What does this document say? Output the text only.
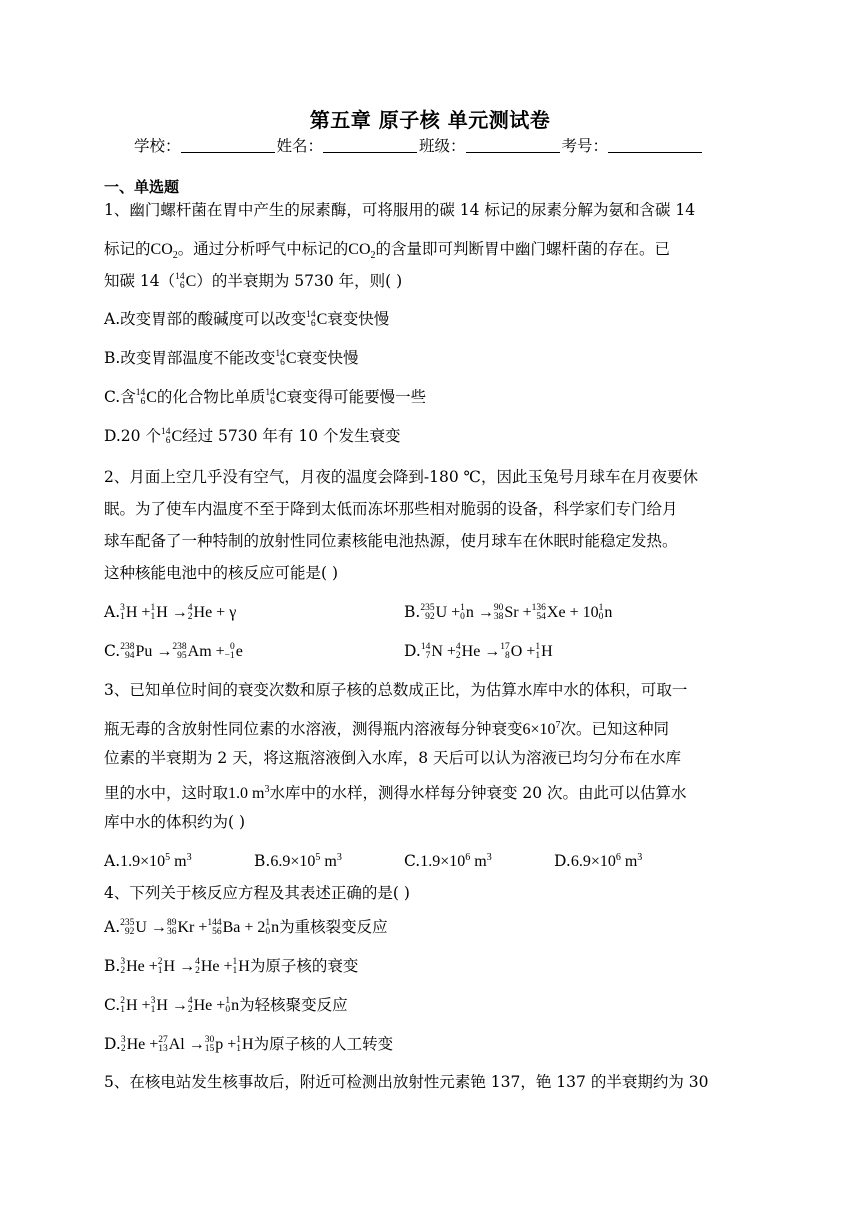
第五章 原子核 单元测试卷
学校：	姓名：	班级：	考号：
一、单选题
1、幽门螺杆菌在胃中产生的尿素酶，可将服用的碳 14 标记的尿素分解为氨和含碳 14
标记的$CO_2$。通过分析呼气中标记的$CO_2$的含量即可判断胃中幽门螺杆菌的存在。已
知碳 14（ 14
6 C）的半衰期为 5730 年，则( )
A.改变胃部的酸碱度可以改变 14
6 C衰变快慢
B.改变胃部温度不能改变 14
6 C衰变快慢
C.含 14
6 C的化合物比单质 14
6 C衰变得可能要慢一些
D.20 个 14
6 C经过 5730 年有 10 个发生衰变
2、月面上空几乎没有空气，月夜的温度会降到-180 ℃，因此玉兔号月球车在月夜要休
眠。为了使车内温度不至于降到太低而冻坏那些相对脆弱的设备，科学家们专门给月
球车配备了一种特制的放射性同位素核能电池热源，使月球车在休眠时能稳定发热。
这种核能电池中的核反应可能是( )
A. 3
1 H + 1
1 H → 4
2 He + γ	B. 235
92 U + 1
0 n → 90
38 Sr + 136
54 Xe + 10 1
0 n
C. 238
94 Pu → 238
95 Am + 0
−1 e	D. 14
7 N + 4
2 He → 17
8 O + 1
1 H
3、已知单位时间的衰变次数和原子核的总数成正比，为估算水库中水的体积，可取一
瓶无毒的含放射性同位素的水溶液，测得瓶内溶液每分钟衰变$6\times 10^7$次。已知这种同
位素的半衰期为 2 天，将这瓶溶液倒入水库，8 天后可以认为溶液已均匀分布在水库
里的水中，这时取1.0 $m^3$水库中的水样，测得水样每分钟衰变 20 次。由此可以估算水
库中水的体积约为( )
$A.1.9\times 10^5$ $m^3$	$B.6.9\times 10^5$ $m^3$	$C.1.9\times 10^6$ $m^3$	$D.6.9\times 10^6$ $m^3$
4、下列关于核反应方程及其表述正确的是( )
A. 235
92 U → 89
36 Kr + 144
56 Ba + 2 1
0 n为重核裂变反应
B. 3
2 He + 2
1 H → 4
2 He + 1
1 H为原子核的衰变
C. 2
1 H + 3
1 H → 4
2 He + 1
0 n为轻核聚变反应
D. 3
2 He + 27
13 Al → 30
15 p + 1
1 H为原子核的人工转变
5、在核电站发生核事故后，附近可检测出放射性元素铯 137，铯 137 的半衰期约为 30
